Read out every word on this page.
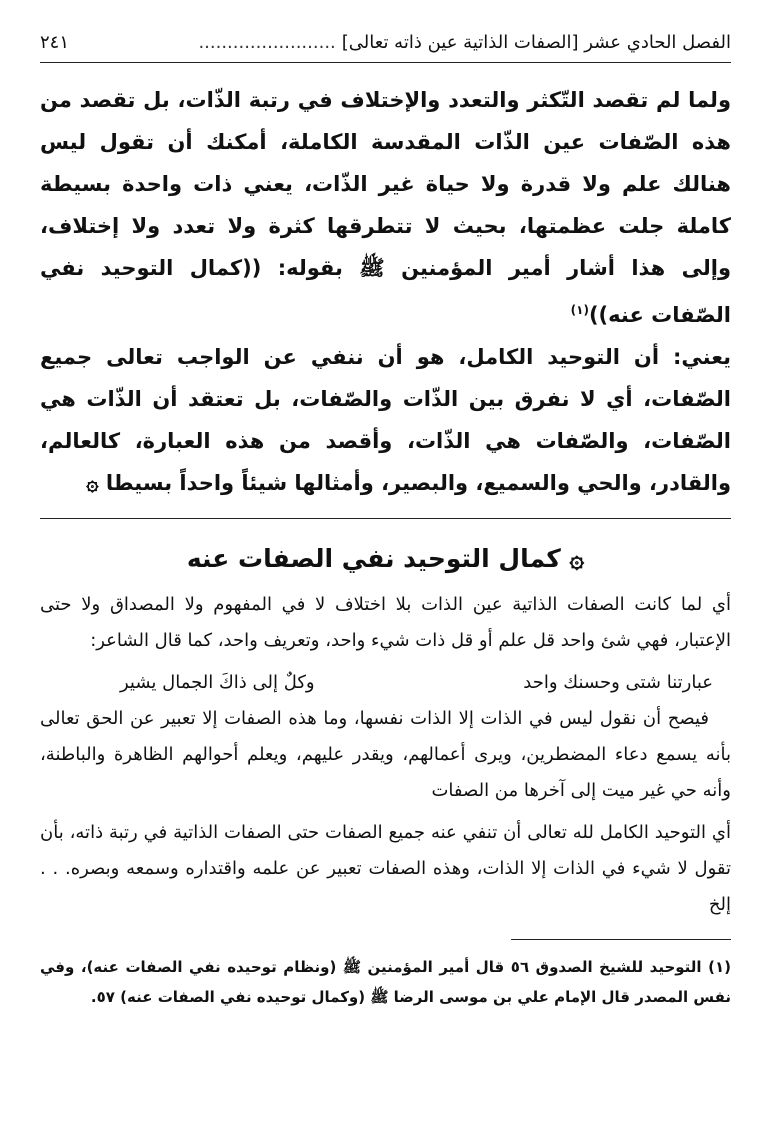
الفصل الحادي عشر [الصفات الذاتية عين ذاته تعالى]
........................
٢٤١

ولما لم تقصد التّكثر والتعدد والإختلاف في رتبة الذّات، بل تقصد من هذه الصّفات عين الذّات المقدسة الكاملة، أمكنك أن تقول ليس هنالك علم ولا قدرة ولا حياة غير الذّات، يعني ذات واحدة بسيطة كاملة جلت عظمتها، بحيث لا تتطرقها كثرة ولا تعدد ولا إختلاف، وإلى هذا أشار أمير المؤمنين ﷺ بقوله: ((كمال التوحيد نفي الصّفات عنه))$^{(١)}$

يعني: أن التوحيد الكامل، هو أن ننفي عن الواجب تعالى جميع الصّفات، أي لا نفرق بين الذّات والصّفات، بل تعتقد أن الذّات هي الصّفات، والصّفات هي الذّات، وأقصد من هذه العبارة، كالعالم، والقادر، والحي والسميع، والبصير، وأمثالها شيئاً واحداً بسيطا ۞

۞ كمال التوحيد نفي الصفات عنه

أي لما كانت الصفات الذاتية عين الذات بلا اختلاف لا في المفهوم ولا المصداق ولا حتى الإعتبار، فهي شئ واحد قل علم أو قل ذات شيء واحد، وتعريف واحد، كما قال الشاعر:

عبارتنا شتى وحسنك واحد
وكلٌ إلى ذاكَ الجمال يشير

فيصح أن نقول ليس في الذات إلا الذات نفسها، وما هذه الصفات إلا تعبير عن الحق تعالى بأنه يسمع دعاء المضطرين، ويرى أعمالهم، ويقدر عليهم، ويعلم أحوالهم الظاهرة والباطنة، وأنه حي غير ميت إلى آخرها من الصفات

أي التوحيد الكامل لله تعالى أن تنفي عنه جميع الصفات حتى الصفات الذاتية في رتبة ذاته، بأن تقول لا شيء في الذات إلا الذات، وهذه الصفات تعبير عن علمه واقتداره وسمعه وبصره. . . إلخ

(١) التوحيد للشيخ الصدوق ٥٦ قال أمير المؤمنين ﷺ (ونظام توحيده نفي الصفات عنه)، وفي نفس المصدر قال الإمام علي بن موسى الرضا ﷺ (وكمال توحيده نفي الصفات عنه) ٥٧.
